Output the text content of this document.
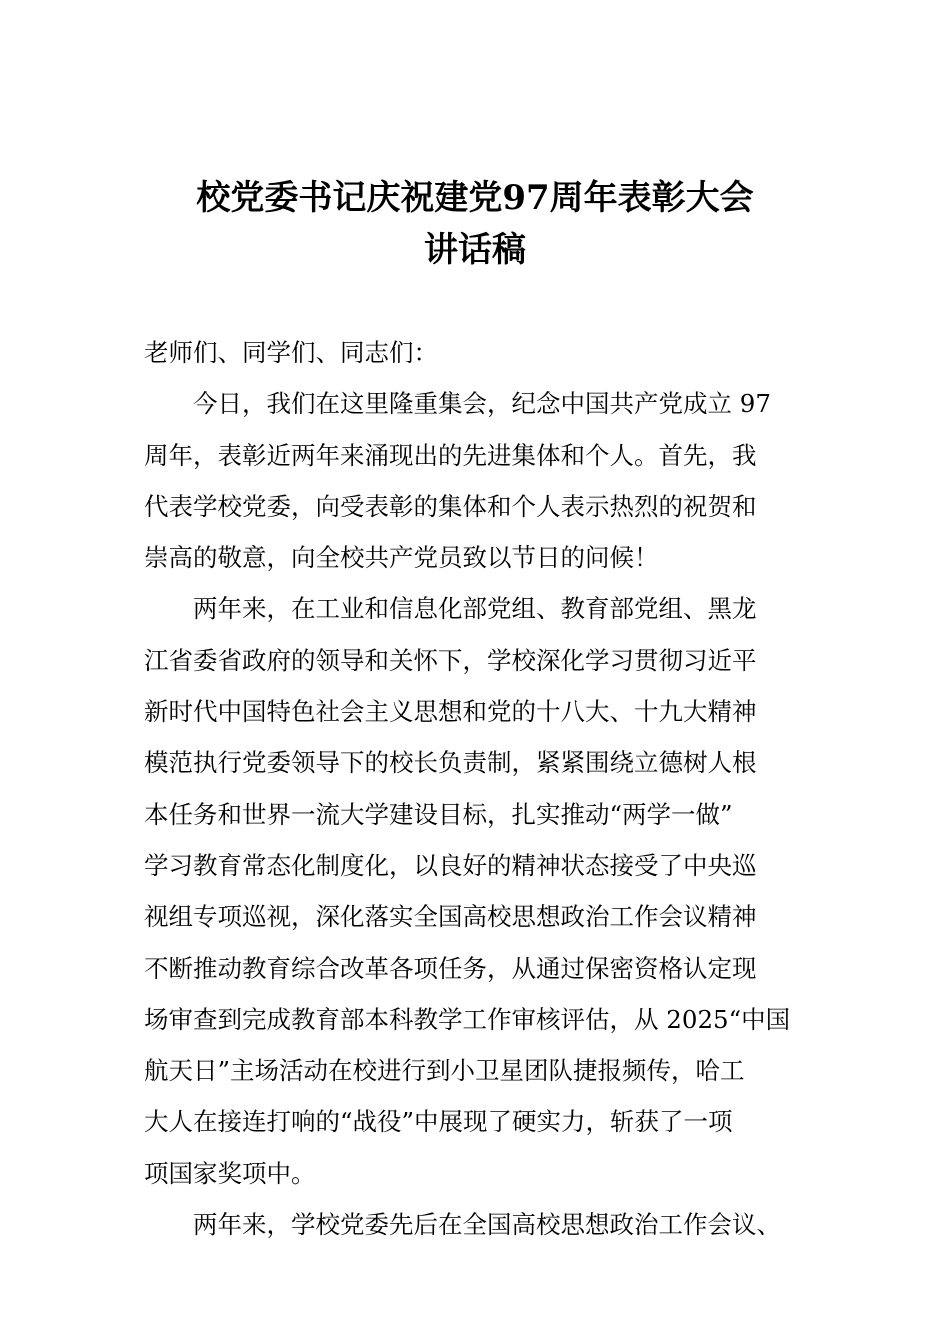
校党委书记庆祝建党97周年表彰大会
讲话稿

老师们、同学们、同志们：

今日，我们在这里隆重集会，纪念中国共产党成立 97
周年，表彰近两年来涌现出的先进集体和个人。首先，我
代表学校党委，向受表彰的集体和个人表示热烈的祝贺和
崇高的敬意，向全校共产党员致以节日的问候！

两年来，在工业和信息化部党组、教育部党组、黑龙
江省委省政府的领导和关怀下，学校深化学习贯彻习近平
新时代中国特色社会主义思想和党的十八大、十九大精神
模范执行党委领导下的校长负责制，紧紧围绕立德树人根
本任务和世界一流大学建设目标，扎实推动“两学一做”
学习教育常态化制度化，以良好的精神状态接受了中央巡
视组专项巡视，深化落实全国高校思想政治工作会议精神
不断推动教育综合改革各项任务，从通过保密资格认定现
场审查到完成教育部本科教学工作审核评估，从 2025“中国
航天日”主场活动在校进行到小卫星团队捷报频传，哈工
大人在接连打响的“战役”中展现了硬实力，斩获了一项
项国家奖项中。

两年来，学校党委先后在全国高校思想政治工作会议、
